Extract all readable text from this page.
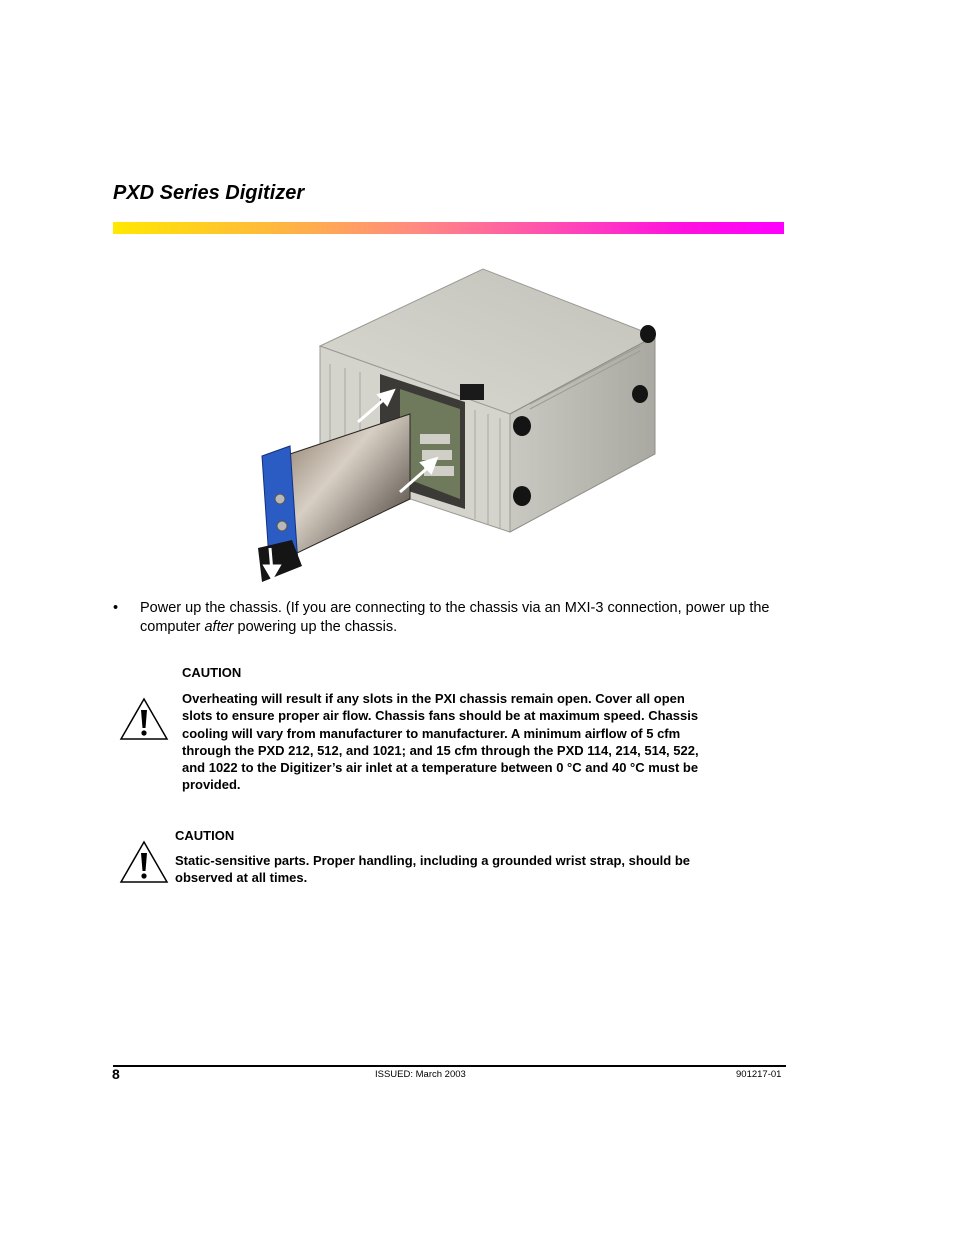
PXD Series Digitizer
• Power up the chassis. (If you are connecting to the chassis via an MXI-3 connection, power up the computer after powering up the chassis.
CAUTION
Overheating will result if any slots in the PXI chassis remain open. Cover all open
slots to ensure proper air flow. Chassis fans should be at maximum speed. Chassis
cooling will vary from manufacturer to manufacturer. A minimum airflow of 5 cfm
through the PXD 212, 512, and 1021; and 15 cfm through the PXD 114, 214, 514, 522,
and 1022 to the Digitizer’s air inlet at a temperature between 0 °C and 40 °C must be
provided.
CAUTION
Static-sensitive parts. Proper handling, including a grounded wrist strap, should be
observed at all times.
8	ISSUED: March 2003	901217-01
